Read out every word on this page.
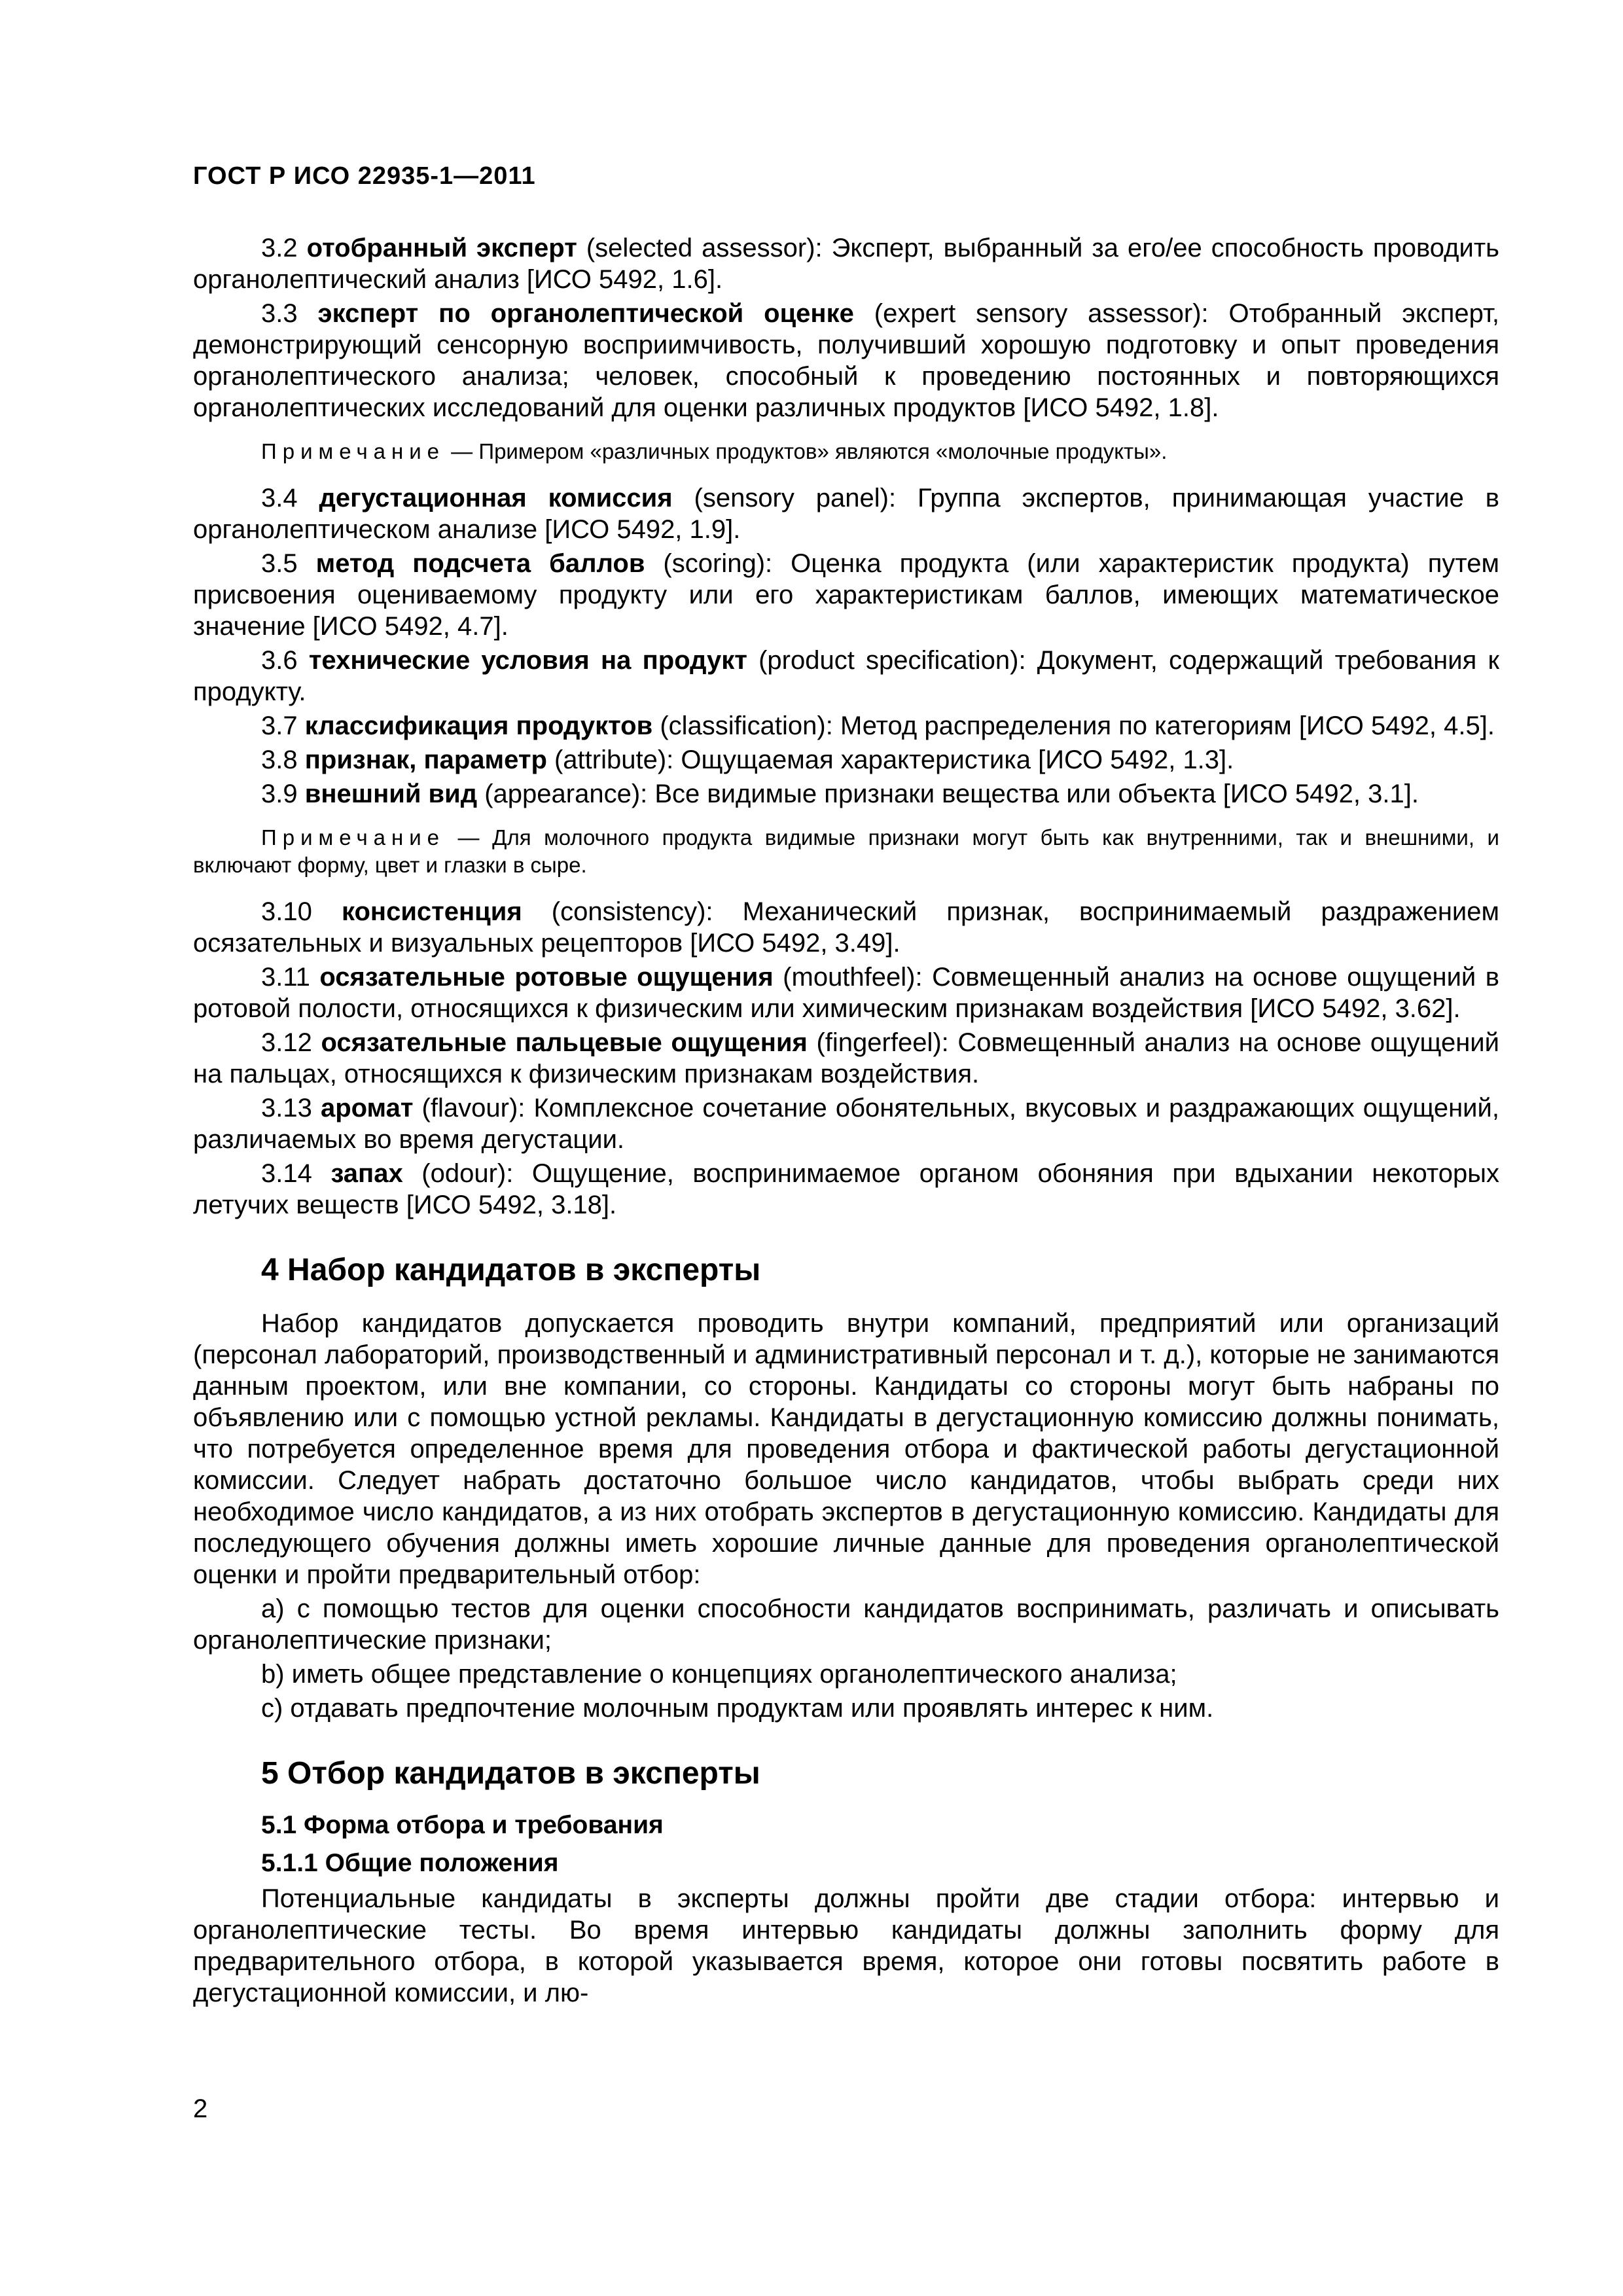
ГОСТ Р ИСО 22935-1—2011

3.2 отобранный эксперт (selected assessor): Эксперт, выбранный за его/ее способность проводить органолептический анализ [ИСО 5492, 1.6].

3.3 эксперт по органолептической оценке (expert sensory assessor): Отобранный эксперт, демонстрирующий сенсорную восприимчивость, получивший хорошую подготовку и опыт проведения органолептического анализа; человек, способный к проведению постоянных и повторяющихся органолептических исследований для оценки различных продуктов [ИСО 5492, 1.8].

Примечание — Примером «различных продуктов» являются «молочные продукты».

3.4 дегустационная комиссия (sensory panel): Группа экспертов, принимающая участие в органолептическом анализе [ИСО 5492, 1.9].

3.5 метод подсчета баллов (scoring): Оценка продукта (или характеристик продукта) путем присвоения оцениваемому продукту или его характеристикам баллов, имеющих математическое значение [ИСО 5492, 4.7].

3.6 технические условия на продукт (product specification): Документ, содержащий требования к продукту.

3.7 классификация продуктов (classification): Метод распределения по категориям [ИСО 5492, 4.5].

3.8 признак, параметр (attribute): Ощущаемая характеристика [ИСО 5492, 1.3].

3.9 внешний вид (appearance): Все видимые признаки вещества или объекта [ИСО 5492, 3.1].

Примечание — Для молочного продукта видимые признаки могут быть как внутренними, так и внешними, и включают форму, цвет и глазки в сыре.

3.10 консистенция (consistency): Механический признак, воспринимаемый раздражением осязательных и визуальных рецепторов [ИСО 5492, 3.49].

3.11 осязательные ротовые ощущения (mouthfeel): Совмещенный анализ на основе ощущений в ротовой полости, относящихся к физическим или химическим признакам воздействия [ИСО 5492, 3.62].

3.12 осязательные пальцевые ощущения (fingerfeel): Совмещенный анализ на основе ощущений на пальцах, относящихся к физическим признакам воздействия.

3.13 аромат (flavour): Комплексное сочетание обонятельных, вкусовых и раздражающих ощущений, различаемых во время дегустации.

3.14 запах (odour): Ощущение, воспринимаемое органом обоняния при вдыхании некоторых летучих веществ [ИСО 5492, 3.18].

4 Набор кандидатов в эксперты

Набор кандидатов допускается проводить внутри компаний, предприятий или организаций (персонал лабораторий, производственный и административный персонал и т. д.), которые не занимаются данным проектом, или вне компании, со стороны. Кандидаты со стороны могут быть набраны по объявлению или с помощью устной рекламы. Кандидаты в дегустационную комиссию должны понимать, что потребуется определенное время для проведения отбора и фактической работы дегустационной комиссии. Следует набрать достаточно большое число кандидатов, чтобы выбрать среди них необходимое число кандидатов, а из них отобрать экспертов в дегустационную комиссию. Кандидаты для последующего обучения должны иметь хорошие личные данные для проведения органолептической оценки и пройти предварительный отбор:

a) с помощью тестов для оценки способности кандидатов воспринимать, различать и описывать органолептические признаки;

b) иметь общее представление о концепциях органолептического анализа;

c) отдавать предпочтение молочным продуктам или проявлять интерес к ним.

5 Отбор кандидатов в эксперты
5.1 Форма отбора и требования
5.1.1 Общие положения

Потенциальные кандидаты в эксперты должны пройти две стадии отбора: интервью и органолептические тесты. Во время интервью кандидаты должны заполнить форму для предварительного отбора, в которой указывается время, которое они готовы посвятить работе в дегустационной комиссии, и лю-

2
